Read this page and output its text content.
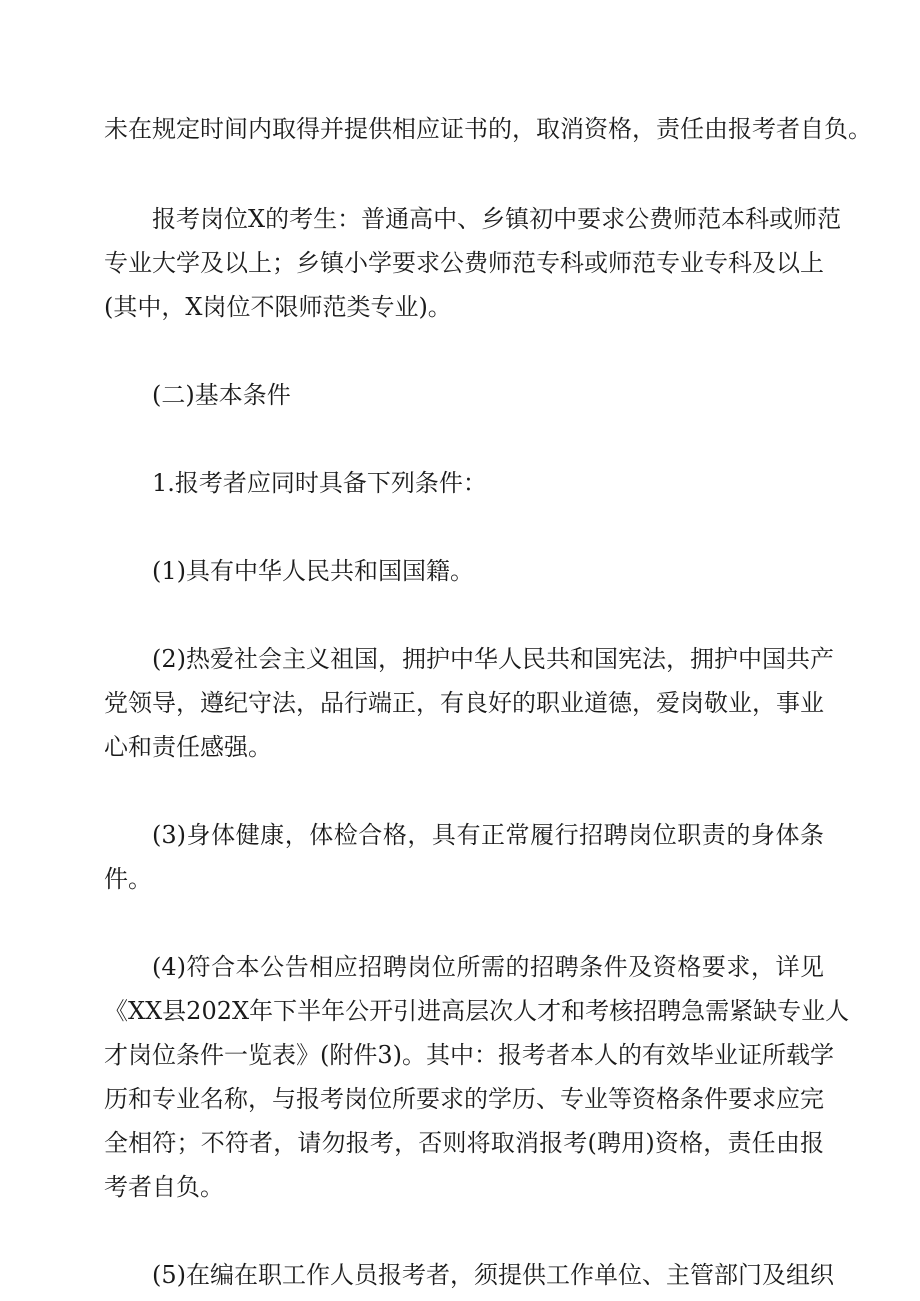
未在规定时间内取得并提供相应证书的，取消资格，责任由报考者自负。
报考岗位X的考生：普通高中、乡镇初中要求公费师范本科或师范
专业大学及以上；乡镇小学要求公费师范专科或师范专业专科及以上
(其中，X岗位不限师范类专业)。
(二)基本条件
1.报考者应同时具备下列条件：
(1)具有中华人民共和国国籍。
(2)热爱社会主义祖国，拥护中华人民共和国宪法，拥护中国共产
党领导，遵纪守法，品行端正，有良好的职业道德，爱岗敬业，事业
心和责任感强。
(3)身体健康，体检合格，具有正常履行招聘岗位职责的身体条
件。
(4)符合本公告相应招聘岗位所需的招聘条件及资格要求，详见
《XX县202X年下半年公开引进高层次人才和考核招聘急需紧缺专业人
才岗位条件一览表》(附件3)。其中：报考者本人的有效毕业证所载学
历和专业名称，与报考岗位所要求的学历、专业等资格条件要求应完
全相符；不符者，请勿报考，否则将取消报考(聘用)资格，责任由报
考者自负。
(5)在编在职工作人员报考者，须提供工作单位、主管部门及组织
